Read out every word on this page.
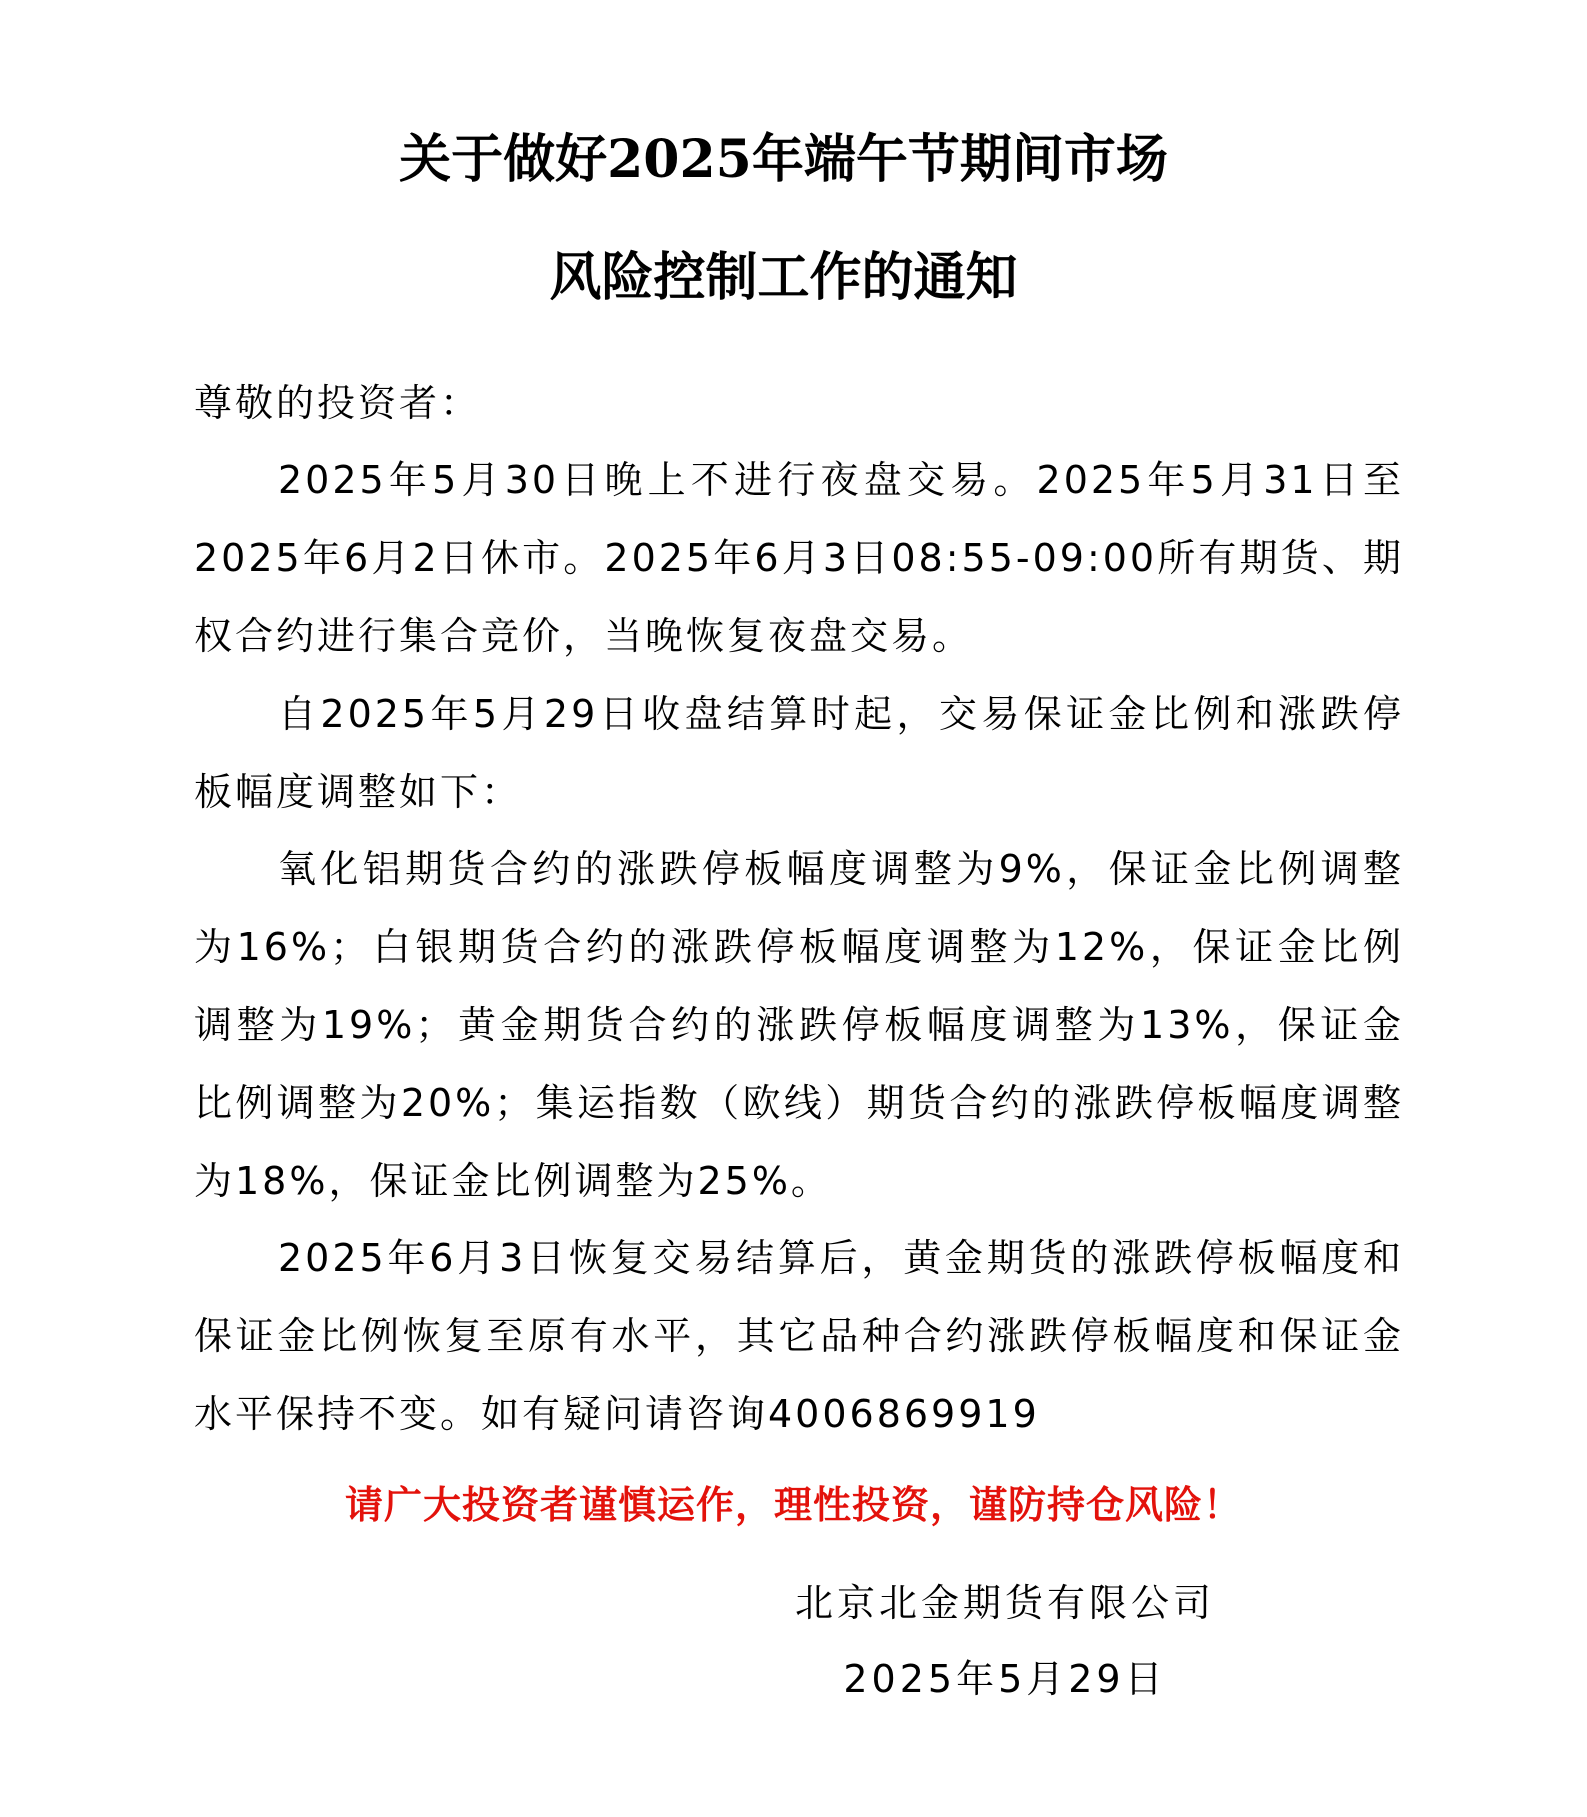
关于做好2025年端午节期间市场
风险控制工作的通知
尊敬的投资者：
2025年5月30日晚上不进行夜盘交易。2025年5月31日至2025年6月2日休市。2025年6月3日08:55-09:00所有期货、期权合约进行集合竞价，当晚恢复夜盘交易。
自2025年5月29日收盘结算时起，交易保证金比例和涨跌停板幅度调整如下：
氧化铝期货合约的涨跌停板幅度调整为9%，保证金比例调整为16%；白银期货合约的涨跌停板幅度调整为12%，保证金比例调整为19%；黄金期货合约的涨跌停板幅度调整为13%，保证金比例调整为20%；集运指数（欧线）期货合约的涨跌停板幅度调整为18%，保证金比例调整为25%。
2025年6月3日恢复交易结算后，黄金期货的涨跌停板幅度和保证金比例恢复至原有水平，其它品种合约涨跌停板幅度和保证金水平保持不变。如有疑问请咨询4006869919
请广大投资者谨慎运作，理性投资，谨防持仓风险！
北京北金期货有限公司
2025年5月29日
